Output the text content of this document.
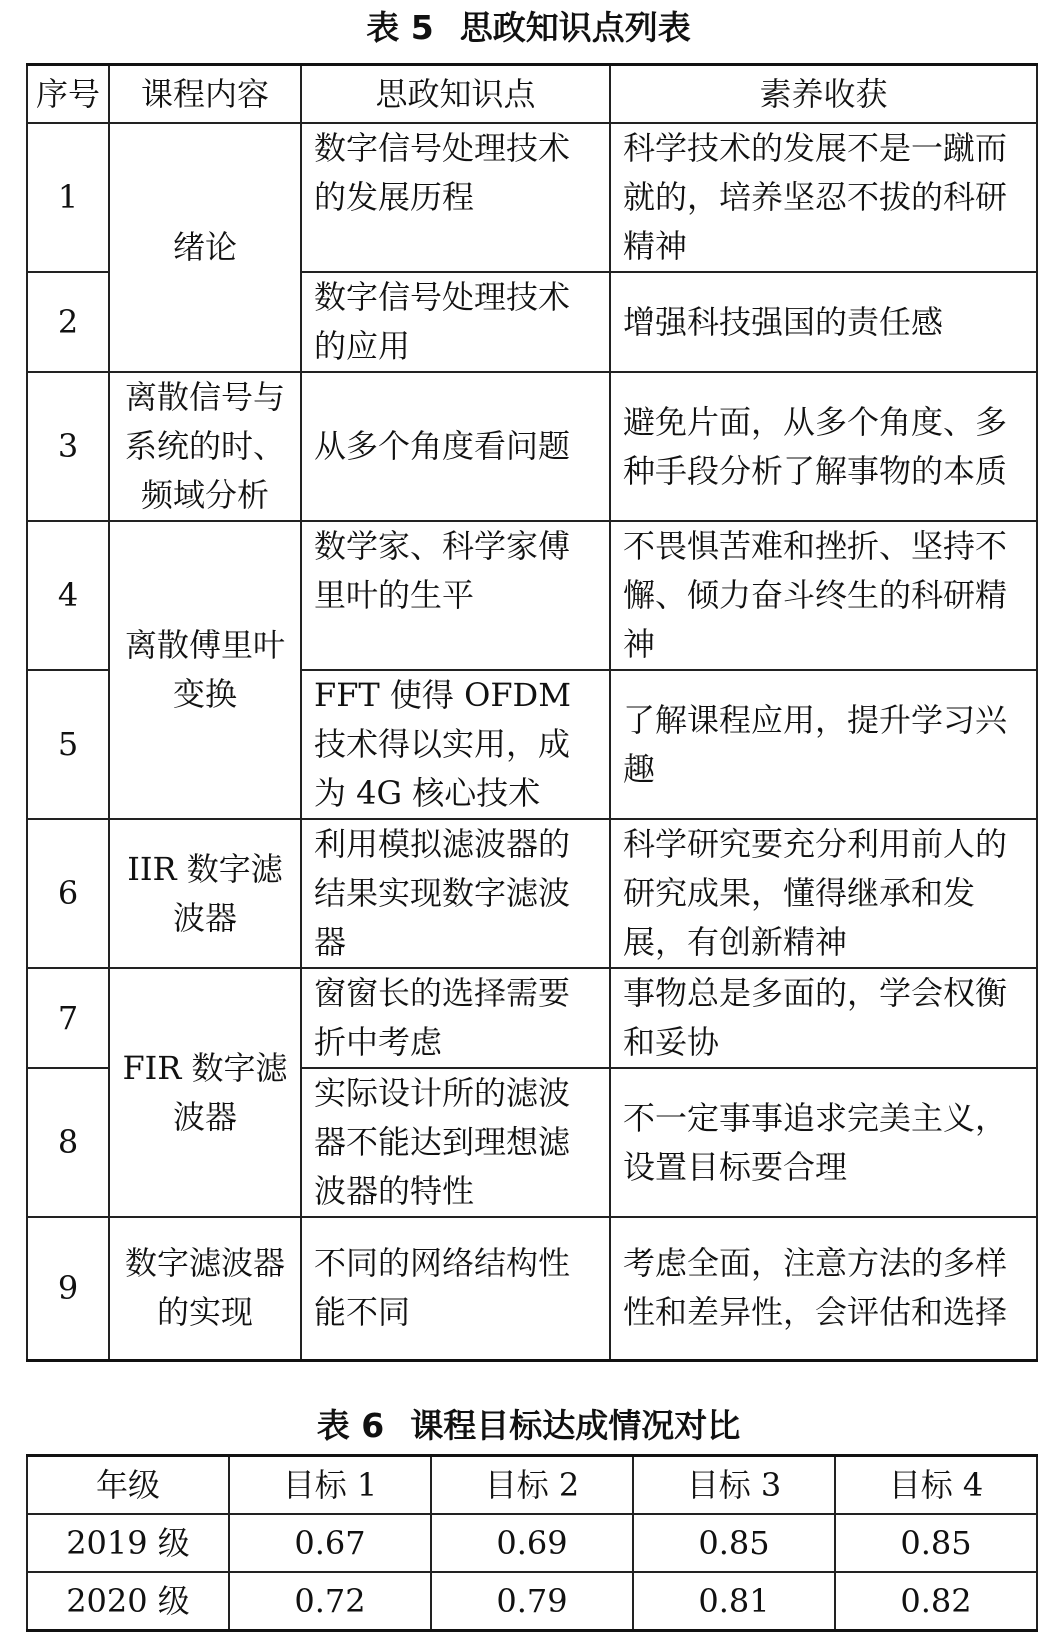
表 5 思政知识点列表
序号	课程内容	思政知识点	素养收获
1	绪论	数字信号处理技术的发展历程	科学技术的发展不是一蹴而就的，培养坚忍不拔的科研精神
2		数字信号处理技术的应用	增强科技强国的责任感
3	离散信号与系统的时、频域分析	从多个角度看问题	避免片面，从多个角度、多种手段分析了解事物的本质
4	离散傅里叶变换	数学家、科学家傅里叶的生平	不畏惧苦难和挫折、坚持不懈、倾力奋斗终生的科研精神
5		FFT 使得 OFDM 技术得以实用，成为 4G 核心技术	了解课程应用，提升学习兴趣
6	IIR 数字滤波器	利用模拟滤波器的结果实现数字滤波器	科学研究要充分利用前人的研究成果，懂得继承和发展，有创新精神
7	FIR 数字滤波器	窗窗长的选择需要折中考虑	事物总是多面的，学会权衡和妥协
8		实际设计所的滤波器不能达到理想滤波器的特性	不一定事事追求完美主义，设置目标要合理
9	数字滤波器的实现	不同的网络结构性能不同	考虑全面，注意方法的多样性和差异性，会评估和选择
表 6 课程目标达成情况对比
年级	目标 1	目标 2	目标 3	目标 4
2019 级	0.67	0.69	0.85	0.85
2020 级	0.72	0.79	0.81	0.82
